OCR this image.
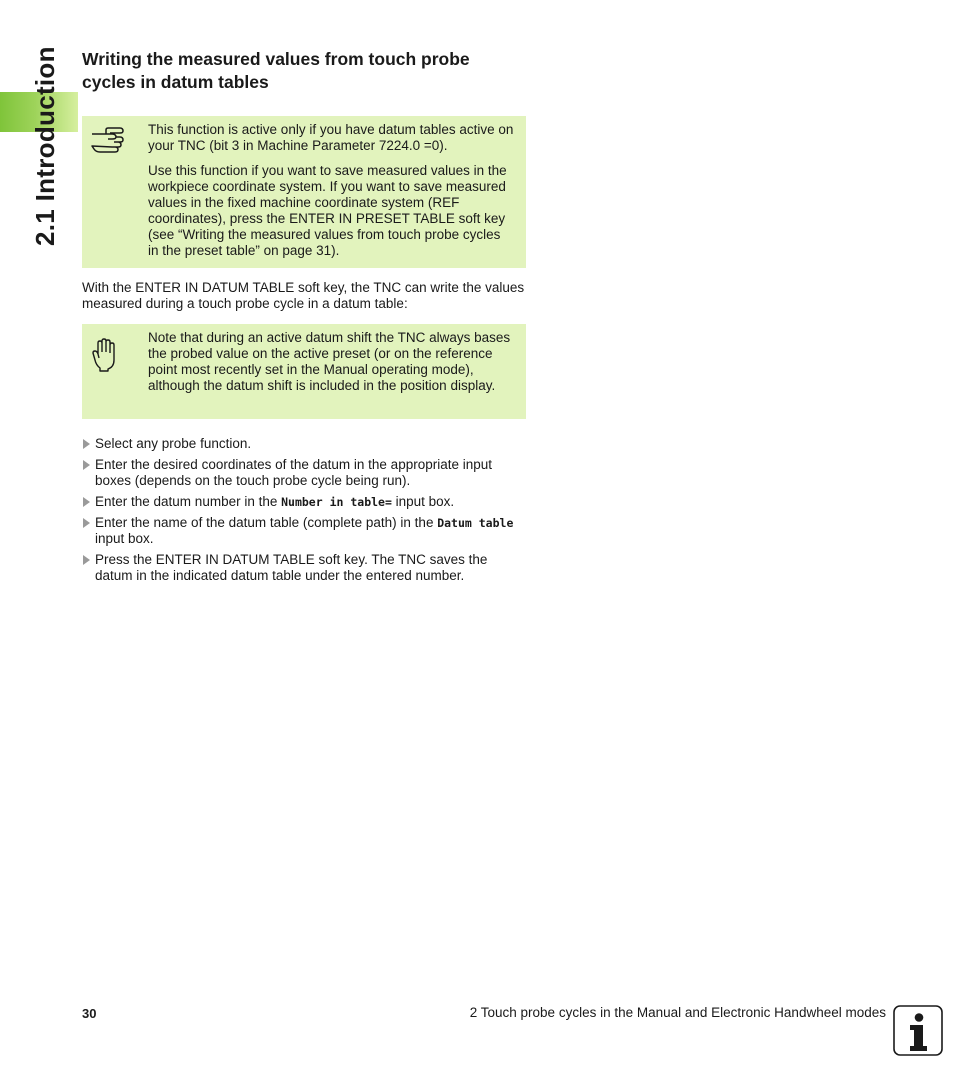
2.1 Introduction Writing the measured values from touch probe
cycles in datum tables

This function is active only if you have datum tables active on your TNC (bit 3 in Machine Parameter 7224.0 =0).

Use this function if you want to save measured values in the workpiece coordinate system. If you want to save measured values in the fixed machine coordinate system (REF coordinates), press the ENTER IN PRESET TABLE soft key (see “Writing the measured values from touch probe cycles in the preset table” on page 31).

With the ENTER IN DATUM TABLE soft key, the TNC can write the values measured during a touch probe cycle in a datum table:

Note that during an active datum shift the TNC always bases the probed value on the active preset (or on the reference point most recently set in the Manual operating mode), although the datum shift is included in the position display.

Select any probe function.
Enter the desired coordinates of the datum in the appropriate input boxes (depends on the touch probe cycle being run).
Enter the datum number in the Number in table= input box.
Enter the name of the datum table (complete path) in the Datum table input box.
Press the ENTER IN DATUM TABLE soft key. The TNC saves the datum in the indicated datum table under the entered number.
30	2 Touch probe cycles in the Manual and Electronic Handwheel modes
